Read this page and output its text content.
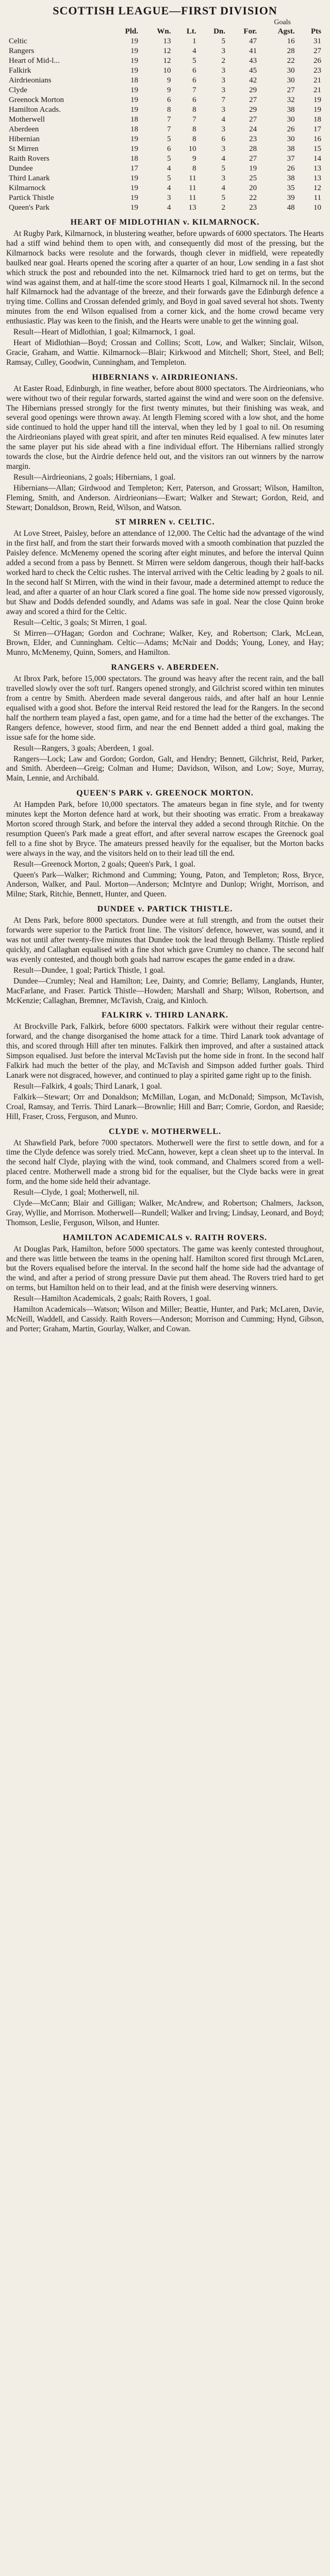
SCOTTISH LEAGUE—FIRST DIVISION
Goals
	Pld.	Wn.	Lt.	Dn.	For.	Agst.	Pts
Celtic	19	13	1	5	47	16	31
Rangers	19	12	4	3	41	28	27
Heart of Mid-l...	19	12	5	2	43	22	26
Falkirk	19	10	6	3	45	30	23
Airdrieonians	18	9	6	3	42	30	21
Clyde	19	9	7	3	29	27	21
Greenock Morton	19	6	6	7	27	32	19
Hamilton Acads.	19	8	8	3	29	38	19
Motherwell	18	7	7	4	27	30	18
Aberdeen	18	7	8	3	24	26	17
Hibernian	19	5	8	6	23	30	16
St Mirren	19	6	10	3	28	38	15
Raith Rovers	18	5	9	4	27	37	14
Dundee	17	4	8	5	19	26	13
Third Lanark	19	5	11	3	25	38	13
Kilmarnock	19	4	11	4	20	35	12
Partick Thistle	19	3	11	5	22	39	11
Queen's Park	19	4	13	2	23	48	10
HEART OF MIDLOTHIAN v. KILMARNOCK.

At Rugby Park, Kilmarnock, in blustering weather, before upwards of 6000 spectators. The Hearts had a stiff wind behind them to open with, and consequently did most of the pressing, but the Kilmarnock backs were resolute and the forwards, though clever in midfield, were repeatedly baulked near goal. Hearts opened the scoring after a quarter of an hour, Low sending in a fast shot which struck the post and rebounded into the net. Kilmarnock tried hard to get on terms, but the wind was against them, and at half-time the score stood Hearts 1 goal, Kilmarnock nil. In the second half Kilmarnock had the advantage of the breeze, and their forwards gave the Edinburgh defence a trying time. Collins and Crossan defended grimly, and Boyd in goal saved several hot shots. Twenty minutes from the end Wilson equalised from a corner kick, and the home crowd became very enthusiastic. Play was keen to the finish, and the Hearts were unable to get the winning goal.

Result—Heart of Midlothian, 1 goal; Kilmarnock, 1 goal.

Heart of Midlothian—Boyd; Crossan and Collins; Scott, Low, and Walker; Sinclair, Wilson, Gracie, Graham, and Wattie. Kilmarnock—Blair; Kirkwood and Mitchell; Short, Steel, and Bell; Ramsay, Culley, Goodwin, Cunningham, and Templeton.

HIBERNIANS v. AIRDRIEONIANS.

At Easter Road, Edinburgh, in fine weather, before about 8000 spectators. The Airdrieonians, who were without two of their regular forwards, started against the wind and were soon on the defensive. The Hibernians pressed strongly for the first twenty minutes, but their finishing was weak, and several good openings were thrown away. At length Fleming scored with a low shot, and the home side continued to hold the upper hand till the interval, when they led by 1 goal to nil. On resuming the Airdrieonians played with great spirit, and after ten minutes Reid equalised. A few minutes later the same player put his side ahead with a fine individual effort. The Hibernians rallied strongly towards the close, but the Airdrie defence held out, and the visitors ran out winners by the narrow margin.

Result—Airdrieonians, 2 goals; Hibernians, 1 goal.

Hibernians—Allan; Girdwood and Templeton; Kerr, Paterson, and Grossart; Wilson, Hamilton, Fleming, Smith, and Anderson. Airdrieonians—Ewart; Walker and Stewart; Gordon, Reid, and Stewart; Donaldson, Brown, Reid, Wilson, and Watson.

ST MIRREN v. CELTIC.

At Love Street, Paisley, before an attendance of 12,000. The Celtic had the advantage of the wind in the first half, and from the start their forwards moved with a smooth combination that puzzled the Paisley defence. McMenemy opened the scoring after eight minutes, and before the interval Quinn added a second from a pass by Bennett. St Mirren were seldom dangerous, though their half-backs worked hard to check the Celtic rushes. The interval arrived with the Celtic leading by 2 goals to nil. In the second half St Mirren, with the wind in their favour, made a determined attempt to reduce the lead, and after a quarter of an hour Clark scored a fine goal. The home side now pressed vigorously, but Shaw and Dodds defended soundly, and Adams was safe in goal. Near the close Quinn broke away and scored a third for the Celtic.

Result—Celtic, 3 goals; St Mirren, 1 goal.

St Mirren—O'Hagan; Gordon and Cochrane; Walker, Key, and Robertson; Clark, McLean, Brown, Elder, and Cunningham. Celtic—Adams; McNair and Dodds; Young, Loney, and Hay; Munro, McMenemy, Quinn, Somers, and Hamilton.

RANGERS v. ABERDEEN.

At Ibrox Park, before 15,000 spectators. The ground was heavy after the recent rain, and the ball travelled slowly over the soft turf. Rangers opened strongly, and Gilchrist scored within ten minutes from a centre by Smith. Aberdeen made several dangerous raids, and after half an hour Lennie equalised with a good shot. Before the interval Reid restored the lead for the Rangers. In the second half the northern team played a fast, open game, and for a time had the better of the exchanges. The Rangers defence, however, stood firm, and near the end Bennett added a third goal, making the issue safe for the home side.

Result—Rangers, 3 goals; Aberdeen, 1 goal.

Rangers—Lock; Law and Gordon; Gordon, Galt, and Hendry; Bennett, Gilchrist, Reid, Parker, and Smith. Aberdeen—Greig; Colman and Hume; Davidson, Wilson, and Low; Soye, Murray, Main, Lennie, and Archibald.

QUEEN'S PARK v. GREENOCK MORTON.

At Hampden Park, before 10,000 spectators. The amateurs began in fine style, and for twenty minutes kept the Morton defence hard at work, but their shooting was erratic. From a breakaway Morton scored through Stark, and before the interval they added a second through Ritchie. On the resumption Queen's Park made a great effort, and after several narrow escapes the Greenock goal fell to a fine shot by Bryce. The amateurs pressed heavily for the equaliser, but the Morton backs were always in the way, and the visitors held on to their lead till the end.

Result—Greenock Morton, 2 goals; Queen's Park, 1 goal.

Queen's Park—Walker; Richmond and Cumming; Young, Paton, and Templeton; Ross, Bryce, Anderson, Walker, and Paul. Morton—Anderson; McIntyre and Dunlop; Wright, Morrison, and Milne; Stark, Ritchie, Bennett, Hunter, and Queen.

DUNDEE v. PARTICK THISTLE.

At Dens Park, before 8000 spectators. Dundee were at full strength, and from the outset their forwards were superior to the Partick front line. The visitors' defence, however, was sound, and it was not until after twenty-five minutes that Dundee took the lead through Bellamy. Thistle replied quickly, and Callaghan equalised with a fine shot which gave Crumley no chance. The second half was evenly contested, and though both goals had narrow escapes the game ended in a draw.

Result—Dundee, 1 goal; Partick Thistle, 1 goal.

Dundee—Crumley; Neal and Hamilton; Lee, Dainty, and Comrie; Bellamy, Langlands, Hunter, MacFarlane, and Fraser. Partick Thistle—Howden; Marshall and Sharp; Wilson, Robertson, and McKenzie; Callaghan, Bremner, McTavish, Craig, and Kinloch.

FALKIRK v. THIRD LANARK.

At Brockville Park, Falkirk, before 6000 spectators. Falkirk were without their regular centre-forward, and the change disorganised the home attack for a time. Third Lanark took advantage of this, and scored through Hill after ten minutes. Falkirk then improved, and after a sustained attack Simpson equalised. Just before the interval McTavish put the home side in front. In the second half Falkirk had much the better of the play, and McTavish and Simpson added further goals. Third Lanark were not disgraced, however, and continued to play a spirited game right up to the finish.

Result—Falkirk, 4 goals; Third Lanark, 1 goal.

Falkirk—Stewart; Orr and Donaldson; McMillan, Logan, and McDonald; Simpson, McTavish, Croal, Ramsay, and Terris. Third Lanark—Brownlie; Hill and Barr; Comrie, Gordon, and Raeside; Hill, Fraser, Cross, Ferguson, and Munro.

CLYDE v. MOTHERWELL.

At Shawfield Park, before 7000 spectators. Motherwell were the first to settle down, and for a time the Clyde defence was sorely tried. McCann, however, kept a clean sheet up to the interval. In the second half Clyde, playing with the wind, took command, and Chalmers scored from a well-placed centre. Motherwell made a strong bid for the equaliser, but the Clyde backs were in great form, and the home side held their advantage.

Result—Clyde, 1 goal; Motherwell, nil.

Clyde—McCann; Blair and Gilligan; Walker, McAndrew, and Robertson; Chalmers, Jackson, Gray, Wyllie, and Morrison. Motherwell—Rundell; Walker and Irving; Lindsay, Leonard, and Boyd; Thomson, Leslie, Ferguson, Wilson, and Hunter.

HAMILTON ACADEMICALS v. RAITH ROVERS.

At Douglas Park, Hamilton, before 5000 spectators. The game was keenly contested throughout, and there was little between the teams in the opening half. Hamilton scored first through McLaren, but the Rovers equalised before the interval. In the second half the home side had the advantage of the wind, and after a period of strong pressure Davie put them ahead. The Rovers tried hard to get on terms, but Hamilton held on to their lead, and at the finish were deserving winners.

Result—Hamilton Academicals, 2 goals; Raith Rovers, 1 goal.

Hamilton Academicals—Watson; Wilson and Miller; Beattie, Hunter, and Park; McLaren, Davie, McNeill, Waddell, and Cassidy. Raith Rovers—Anderson; Morrison and Cumming; Hynd, Gibson, and Porter; Graham, Martin, Gourlay, Walker, and Cowan.
